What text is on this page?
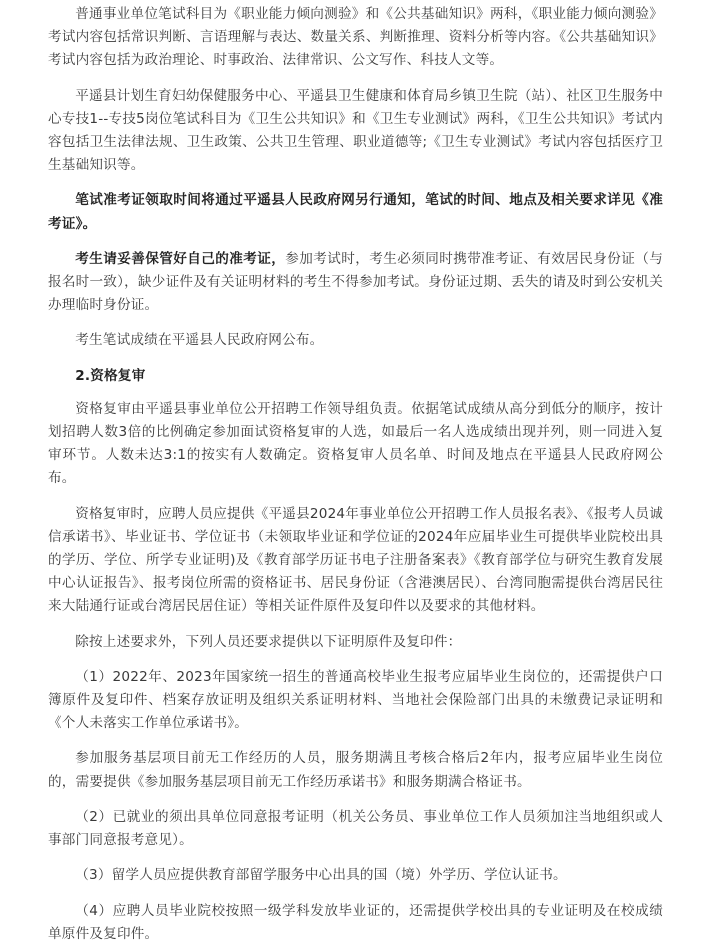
普通事业单位笔试科目为《职业能力倾向测验》和《公共基础知识》两科，《职业能力倾向测验》考试内容包括常识判断、言语理解与表达、数量关系、判断推理、资料分析等内容。《公共基础知识》考试内容包括为政治理论、时事政治、法律常识、公文写作、科技人文等。

平遥县计划生育妇幼保健服务中心、平遥县卫生健康和体育局乡镇卫生院（站）、社区卫生服务中心专技1--专技5岗位笔试科目为《卫生公共知识》和《卫生专业测试》两科，《卫生公共知识》考试内容包括卫生法律法规、卫生政策、公共卫生管理、职业道德等;《卫生专业测试》考试内容包括医疗卫生基础知识等。

笔试准考证领取时间将通过平遥县人民政府网另行通知，笔试的时间、地点及相关要求详见《准考证》。

考生请妥善保管好自己的准考证，参加考试时，考生必须同时携带准考证、有效居民身份证（与报名时一致），缺少证件及有关证明材料的考生不得参加考试。身份证过期、丢失的请及时到公安机关办理临时身份证。

考生笔试成绩在平遥县人民政府网公布。

2.资格复审

资格复审由平遥县事业单位公开招聘工作领导组负责。依据笔试成绩从高分到低分的顺序，按计划招聘人数3倍的比例确定参加面试资格复审的人选，如最后一名人选成绩出现并列，则一同进入复审环节。人数未达3:1的按实有人数确定。资格复审人员名单、时间及地点在平遥县人民政府网公布。

资格复审时，应聘人员应提供《平遥县2024年事业单位公开招聘工作人员报名表》、《报考人员诚信承诺书》、毕业证书、学位证书（未领取毕业证和学位证的2024年应届毕业生可提供毕业院校出具的学历、学位、所学专业证明)及《教育部学历证书电子注册备案表》《教育部学位与研究生教育发展中心认证报告》、报考岗位所需的资格证书、居民身份证（含港澳居民）、台湾同胞需提供台湾居民往来大陆通行证或台湾居民居住证）等相关证件原件及复印件以及要求的其他材料。

除按上述要求外，下列人员还要求提供以下证明原件及复印件：

（1）2022年、2023年国家统一招生的普通高校毕业生报考应届毕业生岗位的，还需提供户口簿原件及复印件、档案存放证明及组织关系证明材料、当地社会保险部门出具的未缴费记录证明和《个人未落实工作单位承诺书》。

参加服务基层项目前无工作经历的人员，服务期满且考核合格后2年内，报考应届毕业生岗位的，需要提供《参加服务基层项目前无工作经历承诺书》和服务期满合格证书。

（2）已就业的须出具单位同意报考证明（机关公务员、事业单位工作人员须加注当地组织或人事部门同意报考意见）。

（3）留学人员应提供教育部留学服务中心出具的国（境）外学历、学位认证书。

（4）应聘人员毕业院校按照一级学科发放毕业证的，还需提供学校出具的专业证明及在校成绩单原件及复印件。
